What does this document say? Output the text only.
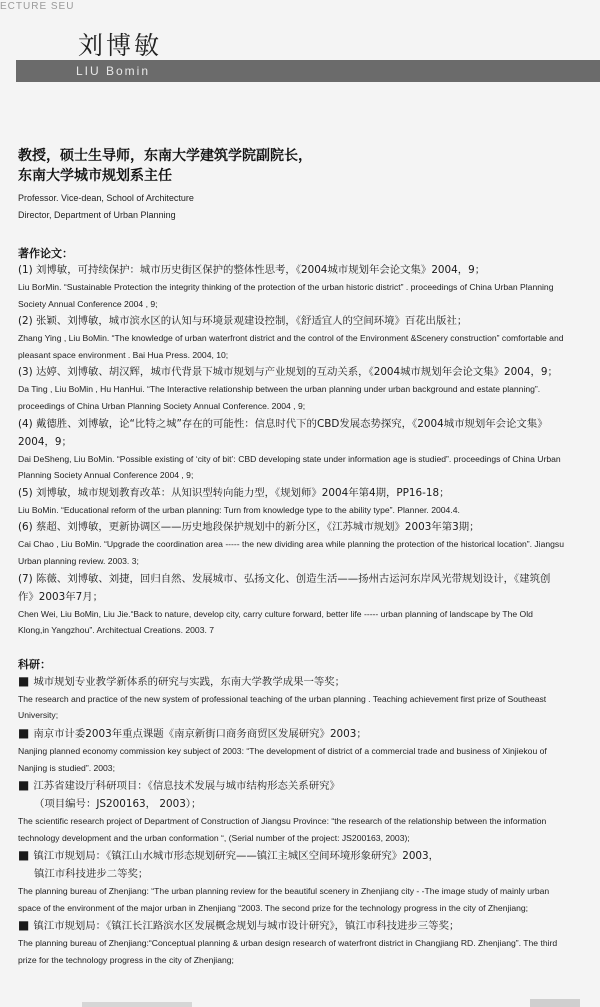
ECTURE SEU
刘博敏
LIU Bomin
教授，硕士生导师，东南大学建筑学院副院长，
东南大学城市规划系主任
Professor. Vice-dean, School of Architecture
Director, Department of Urban Planning
著作论文：
(1) 刘博敏，可持续保护：城市历史街区保护的整体性思考，《2004城市规划年会论文集》2004，9；
Liu BorMin. “Sustainable Protection the integrity thinking of the protection of the urban historic district” . proceedings of China Urban Planning Society Annual Conference 2004 , 9;
(2) 张颖、刘博敏，城市滨水区的认知与环境景观建设控制，《舒适宜人的空间环境》百花出版社；
Zhang Ying , Liu BoMin. “The knowledge of urban waterfront district and the control of the Environment &Scenery construction” comfortable and pleasant space environment . Bai Hua Press. 2004, 10;
(3) 达婷、刘博敏、胡汉辉，城市代背景下城市规划与产业规划的互动关系，《2004城市规划年会论文集》2004，9；
Da Ting , Liu BoMin , Hu HanHui. “The Interactive relationship between the urban planning under urban background and estate planning”. proceedings of China Urban Planning Society Annual Conference. 2004 , 9;
(4) 戴德胜、刘博敏，论“比特之城”存在的可能性：信息时代下的CBD发展态势探究，《2004城市规划年会论文集》2004，9；
Dai DeSheng, Liu BoMin. “Possible existing of ‘city of bit’: CBD developing state under information age is studied”. proceedings of China Urban Planning Society Annual Conference 2004 , 9;
(5) 刘博敏，城市规划教育改革：从知识型转向能力型，《规划师》2004年第4期，PP16-18；
Liu BoMin. “Educational reform of the urban planning: Turn from knowledge type to the ability type”. Planner. 2004.4.
(6) 蔡超、刘博敏，更新协调区——历史地段保护规划中的新分区，《江苏城市规划》2003年第3期；
Cai Chao , Liu BoMin. “Upgrade the coordination area ----- the new dividing area while planning the protection of the historical location”. Jiangsu Urban planning review. 2003. 3;
(7) 陈薇、刘博敏、刘捷，回归自然、发展城市、弘扬文化、创造生活——扬州古运河东岸风光带规划设计，《建筑创作》2003年7月；
Chen Wei, Liu BoMin, Liu Jie.“Back to nature, develop city, carry culture forward, better life ----- urban planning of landscape by The Old Klong,in Yangzhou”. Architectual Creations. 2003. 7
科研：
■ 城市规划专业教学新体系的研究与实践，东南大学教学成果一等奖；
The research and practice of the new system of professional teaching of the urban planning . Teaching achievement first prize of Southeast University;
■ 南京市计委2003年重点课题《南京新街口商务商贸区发展研究》2003；
Nanjing planned economy commission key subject of 2003: “The development of district of a commercial trade and business of Xinjiekou of Nanjing is studied”. 2003;
■ 江苏省建设厅科研项目：《信息技术发展与城市结构形态关系研究》
（项目编号：JS200163， 2003）；
The scientific research project of Department of Construction of Jiangsu Province: “the research of the relationship between the information technology development and the urban conformation “, (Serial number of the project: JS200163, 2003);
■ 镇江市规划局：《镇江山水城市形态规划研究——镇江主城区空间环境形象研究》2003，
镇江市科技进步二等奖；
The planning bureau of Zhenjiang: “The urban planning review for the beautiful scenery in Zhenjiang city - -The image study of mainly urban space of the environment of the major urban in Zhenjiang “2003. The second prize for the technology progress in the city of Zhenjiang;
■ 镇江市规划局：《镇江长江路滨水区发展概念规划与城市设计研究》，镇江市科技进步三等奖；
The planning bureau of Zhenjiang:“Conceptual planning & urban design research of waterfront district in Changjiang RD. Zhenjiang”. The third prize for the technology progress in the city of Zhenjiang;
